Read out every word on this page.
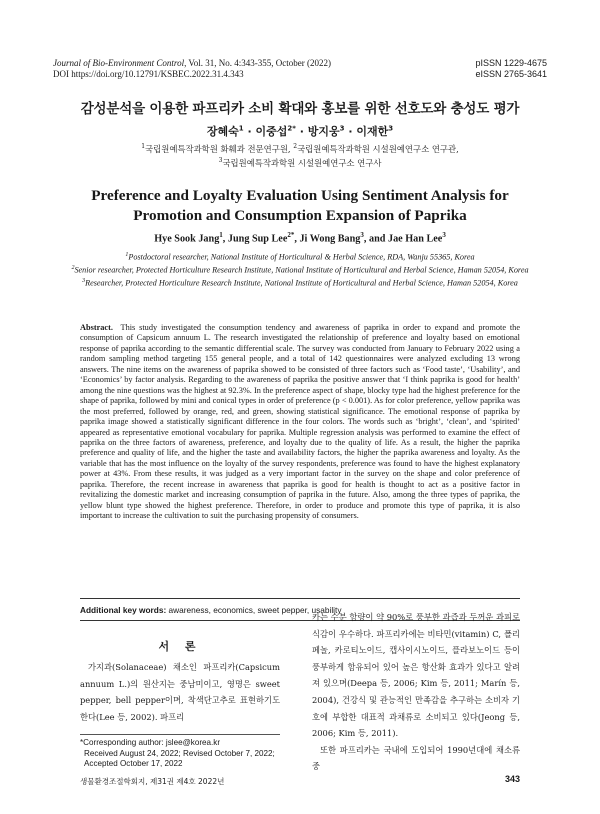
Journal of Bio-Environment Control, Vol. 31, No. 4:343-355, October (2022)
DOI https://doi.org/10.12791/KSBEC.2022.31.4.343
pISSN 1229-4675
eISSN 2765-3641
감성분석을 이용한 파프리카 소비 확대와 홍보를 위한 선호도와 충성도 평가
장혜숙$^1$ · 이중섭$^{2*}$ · 방지웅$^3$ · 이재한$^3$
$^1$국립원예특작과학원 화훼과 전문연구원, $^2$국립원예특작과학원 시설원예연구소 연구관,
$^3$국립원예특작과학원 시설원예연구소 연구사
Preference and Loyalty Evaluation Using Sentiment Analysis for
Promotion and Consumption Expansion of Paprika
Hye Sook Jang$^1$, Jung Sup Lee$^{2*}$, Ji Wong Bang$^3$, and Jae Han Lee$^3$
$^1$Postdoctoral researcher, National Institute of Horticultural & Herbal Science, RDA, Wanju 55365, Korea
$^2$Senior researcher, Protected Horticulture Research Institute, National Institute of Horticultural and Herbal Science, Haman 52054, Korea
$^3$Researcher, Protected Horticulture Research Institute, National Institute of Horticultural and Herbal Science, Haman 52054, Korea
Abstract. This study investigated the consumption tendency and awareness of paprika in order to expand and promote the consumption of Capsicum annuum L. The research investigated the relationship of preference and loyalty based on emotional response of paprika according to the semantic differential scale. The survey was conducted from January to February 2022 using a random sampling method targeting 155 general people, and a total of 142 questionnaires were analyzed excluding 13 wrong answers. The nine items on the awareness of paprika showed to be consisted of three factors such as ‘Food taste’, ‘Usability’, and ‘Economics’ by factor analysis. Regarding to the awareness of paprika the positive answer that ‘I think paprika is good for health’ among the nine questions was the highest at 92.3%. In the preference aspect of shape, blocky type had the highest preference for the shape of paprika, followed by mini and conical types in order of preference (p < 0.001). As for color preference, yellow paprika was the most preferred, followed by orange, red, and green, showing statistical significance. The emotional response of paprika by paprika image showed a statistically significant difference in the four colors. The words such as ‘bright’, ‘clean’, and ‘spirited’ appeared as representative emotional vocabulary for paprika. Multiple regression analysis was performed to examine the effect of paprika on the three factors of awareness, preference, and loyalty due to the quality of life. As a result, the higher the paprika preference and quality of life, and the higher the taste and availability factors, the higher the paprika awareness and loyalty. As the variable that has the most influence on the loyalty of the survey respondents, preference was found to have the highest explanatory power at 43%. From these results, it was judged as a very important factor in the survey on the shape and color preference of paprika. Therefore, the recent increase in awareness that paprika is good for health is thought to act as a positive factor in revitalizing the domestic market and increasing consumption of paprika in the future. Also, among the three types of paprika, the yellow blunt type showed the highest preference. Therefore, in order to produce and promote this type of paprika, it is also important to increase the cultivation to suit the purchasing propensity of consumers.
Additional key words: awareness, economics, sweet pepper, usability
서 론
가지과(Solanaceae) 채소인 파프리카(Capsicum annuum L.)의 원산지는 중남미이고, 영명은 sweet pepper, bell pepper이며, 착색단고추로 표현하기도 한다(Lee 등, 2002). 파프리
카는 수분 함량이 약 90%로 풍부한 과즙과 두꺼운 과피로 식감이 우수하다. 파프리카에는 비타민(vitamin) C, 폴리페놀, 카로티노이드, 캡사이시노이드, 플라보노이드 등이 풍부하게 함유되어 있어 높은 항산화 효과가 있다고 알려져 있으며(Deepa 등, 2006; Kim 등, 2011; Marín 등, 2004), 건강식 및 관능적인 만족감을 추구하는 소비자 기호에 부합한 대표적 과채류로 소비되고 있다(Jeong 등, 2006; Kim 등, 2011).
또한 파프리카는 국내에 도입되어 1990년대에 채소류 중
*Corresponding author: jslee@korea.kr
Received August 24, 2022; Revised October 7, 2022;
Accepted October 17, 2022
생물환경조절학회지, 제31권 제4호 2022년	343
